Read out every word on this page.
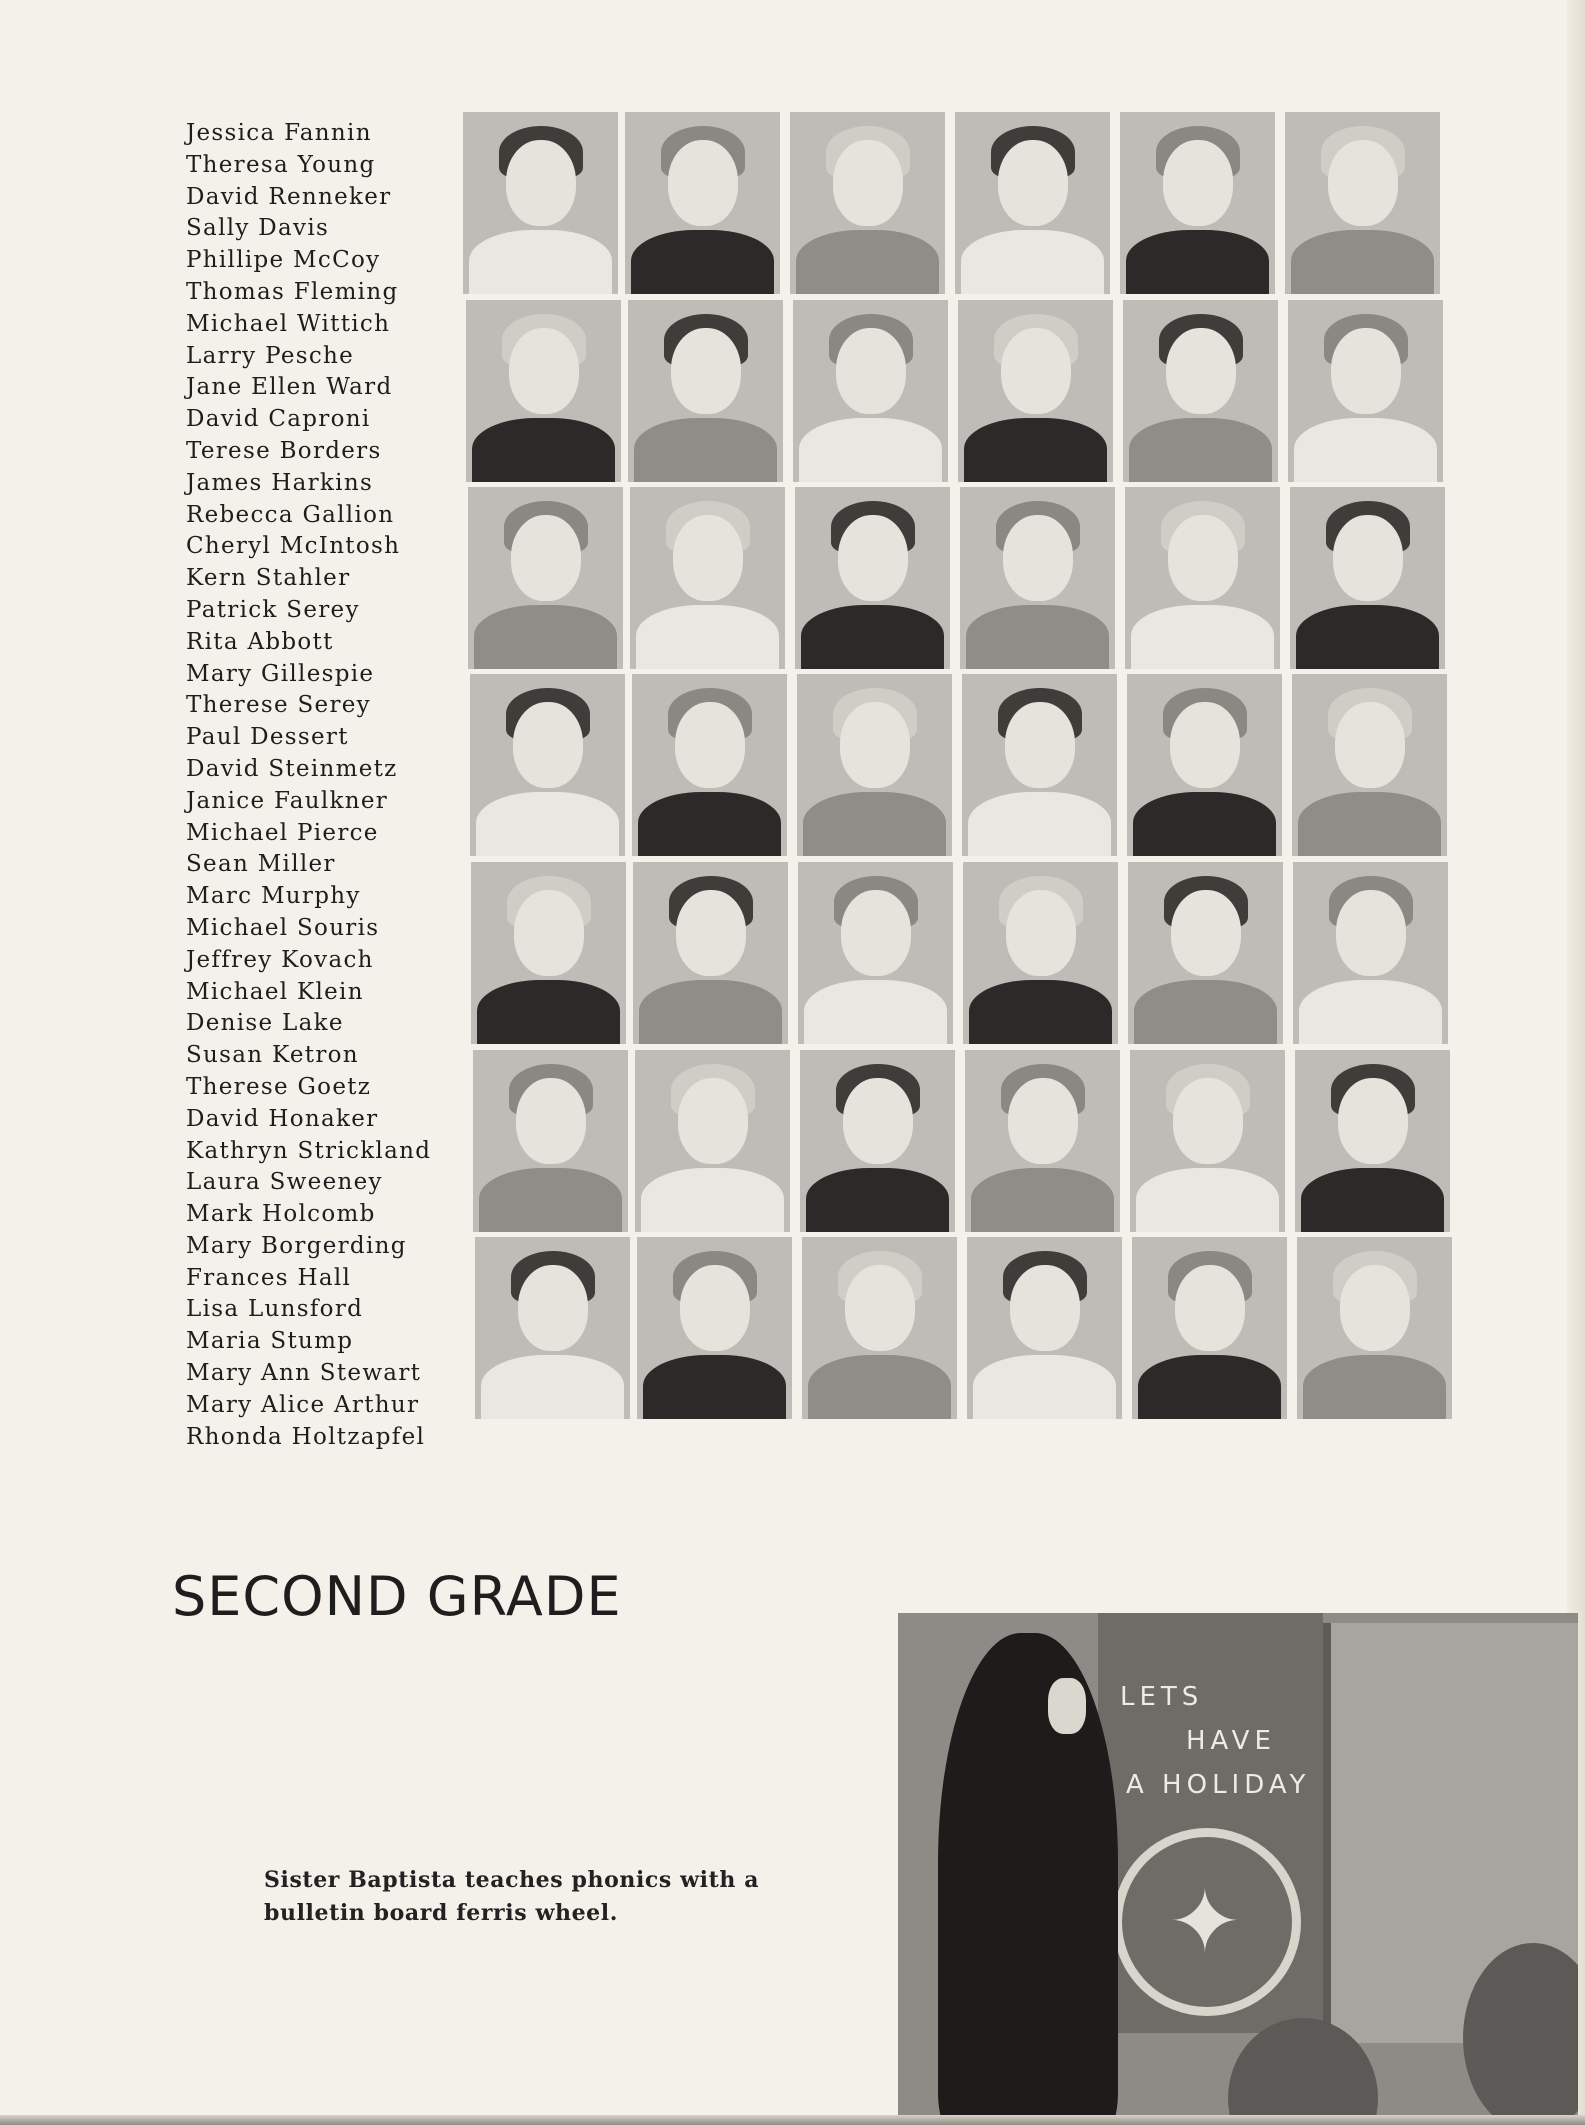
Jessica Fannin
Theresa Young
David Renneker
Sally Davis
Phillipe McCoy
Thomas Fleming
Michael Wittich
Larry Pesche
Jane Ellen Ward
David Caproni
Terese Borders
James Harkins
Rebecca Gallion
Cheryl McIntosh
Kern Stahler
Patrick Serey
Rita Abbott
Mary Gillespie
Therese Serey
Paul Dessert
David Steinmetz
Janice Faulkner
Michael Pierce
Sean Miller
Marc Murphy
Michael Souris
Jeffrey Kovach
Michael Klein
Denise Lake
Susan Ketron
Therese Goetz
David Honaker
Kathryn Strickland
Laura Sweeney
Mark Holcomb
Mary Borgerding
Frances Hall
Lisa Lunsford
Maria Stump
Mary Ann Stewart
Mary Alice Arthur
Rhonda Holtzapfel
SECOND GRADE

Sister Baptista teaches phonics with a bulletin board ferris wheel.

LETS
HAVE
A HOLIDAY
✦
